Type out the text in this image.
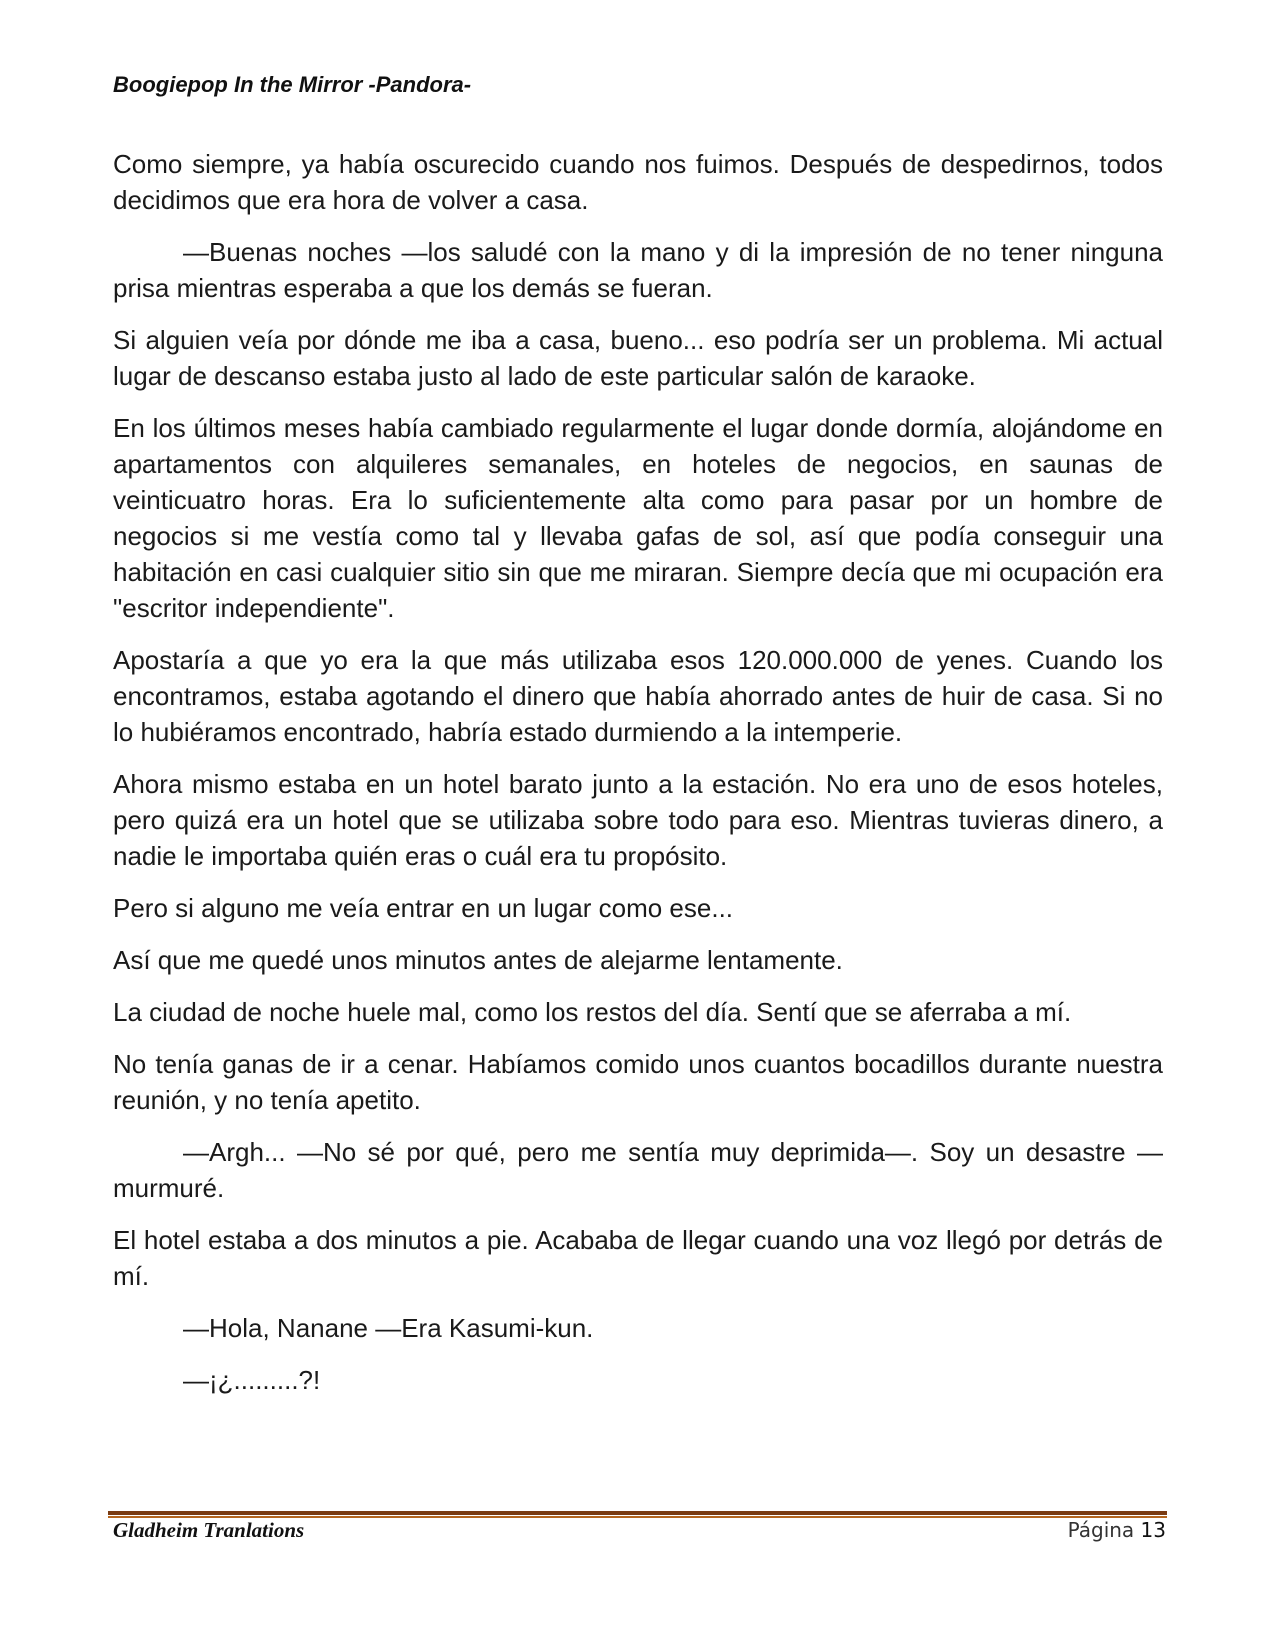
Boogiepop In the Mirror -Pandora-

Como siempre, ya había oscurecido cuando nos fuimos. Después de despedirnos, todos decidimos que era hora de volver a casa.

—Buenas noches —los saludé con la mano y di la impresión de no tener ninguna prisa mientras esperaba a que los demás se fueran.

Si alguien veía por dónde me iba a casa, bueno... eso podría ser un problema. Mi actual lugar de descanso estaba justo al lado de este particular salón de karaoke.

En los últimos meses había cambiado regularmente el lugar donde dormía, alojándome en apartamentos con alquileres semanales, en hoteles de negocios, en saunas de veinticuatro horas. Era lo suficientemente alta como para pasar por un hombre de negocios si me vestía como tal y llevaba gafas de sol, así que podía conseguir una habitación en casi cualquier sitio sin que me miraran. Siempre decía que mi ocupación era "escritor independiente".

Apostaría a que yo era la que más utilizaba esos 120.000.000 de yenes. Cuando los encontramos, estaba agotando el dinero que había ahorrado antes de huir de casa. Si no lo hubiéramos encontrado, habría estado durmiendo a la intemperie.

Ahora mismo estaba en un hotel barato junto a la estación. No era uno de esos hoteles, pero quizá era un hotel que se utilizaba sobre todo para eso. Mientras tuvieras dinero, a nadie le importaba quién eras o cuál era tu propósito.

Pero si alguno me veía entrar en un lugar como ese...

Así que me quedé unos minutos antes de alejarme lentamente.

La ciudad de noche huele mal, como los restos del día. Sentí que se aferraba a mí.

No tenía ganas de ir a cenar. Habíamos comido unos cuantos bocadillos durante nuestra reunión, y no tenía apetito.

—Argh... —No sé por qué, pero me sentía muy deprimida—. Soy un desastre —murmuré.

El hotel estaba a dos minutos a pie. Acababa de llegar cuando una voz llegó por detrás de mí.

—Hola, Nanane —Era Kasumi-kun.

—¡¿.........?!

Gladheim Tranlations	Página 13
